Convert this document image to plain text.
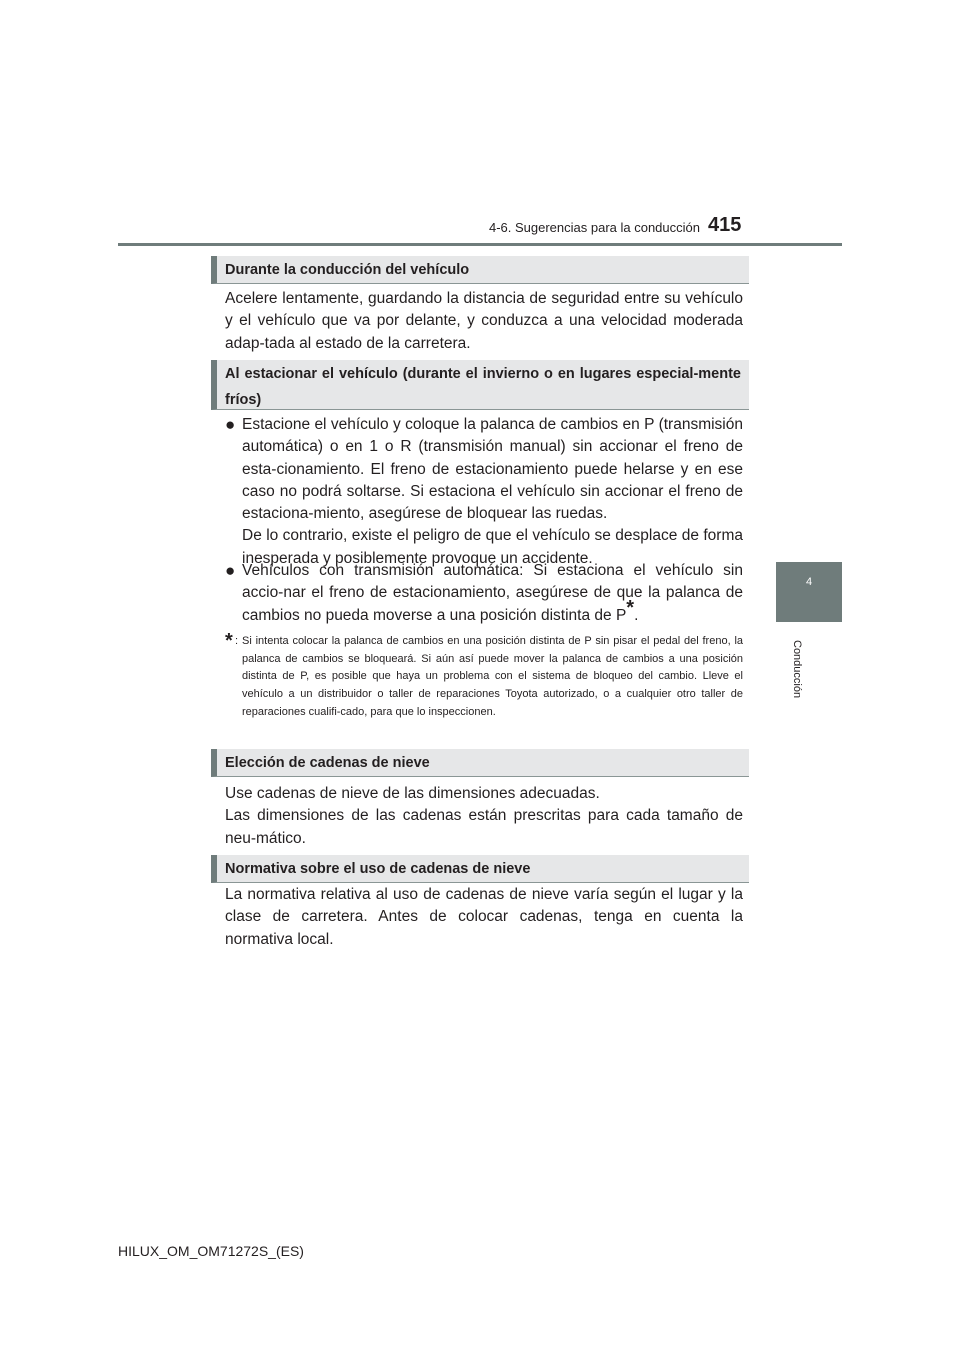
4-6. Sugerencias para la conducción 415
4
Conducción
Durante la conducción del vehículo
Acelere lentamente, guardando la distancia de seguridad entre su vehículo y el vehículo que va por delante, y conduzca a una velocidad moderada adap-tada al estado de la carretera.
Al estacionar el vehículo (durante el invierno o en lugares especial-mente fríos)
● Estacione el vehículo y coloque la palanca de cambios en P (transmisión automática) o en 1 o R (transmisión manual) sin accionar el freno de esta-cionamiento. El freno de estacionamiento puede helarse y en ese caso no podrá soltarse. Si estaciona el vehículo sin accionar el freno de estaciona-miento, asegúrese de bloquear las ruedas.
De lo contrario, existe el peligro de que el vehículo se desplace de forma inesperada y posiblemente provoque un accidente.
● Vehículos con transmisión automática: Si estaciona el vehículo sin accio-nar el freno de estacionamiento, asegúrese de que la palanca de cambios no pueda moverse a una posición distinta de P*.
* : Si intenta colocar la palanca de cambios en una posición distinta de P sin pisar el pedal del freno, la palanca de cambios se bloqueará. Si aún así puede mover la palanca de cambios a una posición distinta de P, es posible que haya un problema con el sistema de bloqueo del cambio. Lleve el vehículo a un distribuidor o taller de reparaciones Toyota autorizado, o a cualquier otro taller de reparaciones cualifi-cado, para que lo inspeccionen.
Elección de cadenas de nieve
Use cadenas de nieve de las dimensiones adecuadas.
Las dimensiones de las cadenas están prescritas para cada tamaño de neu-mático.
Normativa sobre el uso de cadenas de nieve
La normativa relativa al uso de cadenas de nieve varía según el lugar y la clase de carretera. Antes de colocar cadenas, tenga en cuenta la normativa local.
HILUX_OM_OM71272S_(ES)
